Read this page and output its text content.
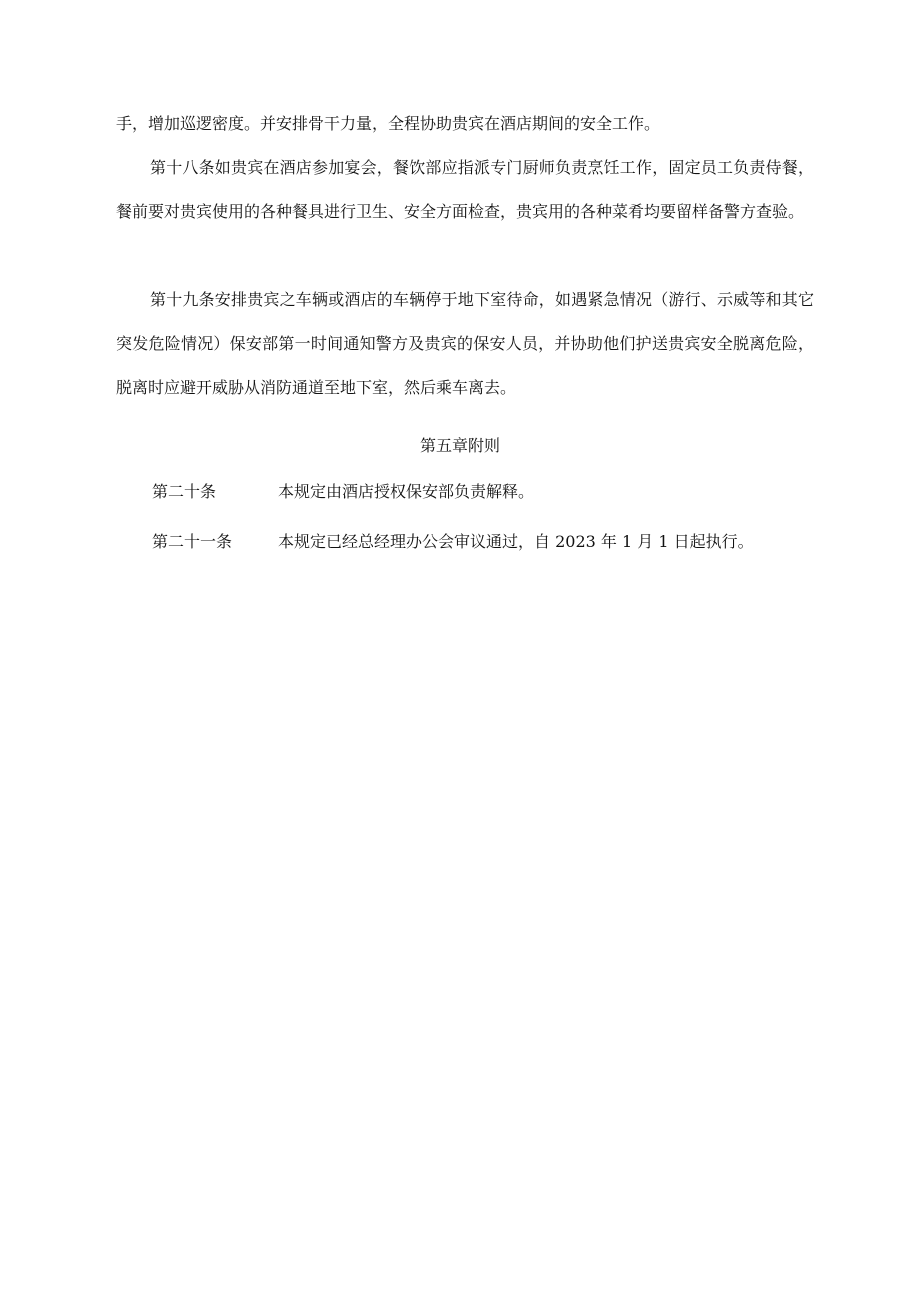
手，增加巡逻密度。并安排骨干力量，全程协助贵宾在酒店期间的安全工作。

第十八条如贵宾在酒店参加宴会，餐饮部应指派专门厨师负责烹饪工作，固定员工负责侍餐，餐前要对贵宾使用的各种餐具进行卫生、安全方面检查，贵宾用的各种菜肴均要留样备警方查验。

第十九条安排贵宾之车辆或酒店的车辆停于地下室待命，如遇紧急情况（游行、示威等和其它突发危险情况）保安部第一时间通知警方及贵宾的保安人员，并协助他们护送贵宾安全脱离危险，脱离时应避开威胁从消防通道至地下室，然后乘车离去。

第五章附则

第二十条	本规定由酒店授权保安部负责解释。

第二十一条	本规定已经总经理办公会审议通过，自 2023 年 1 月 1 日起执行。
